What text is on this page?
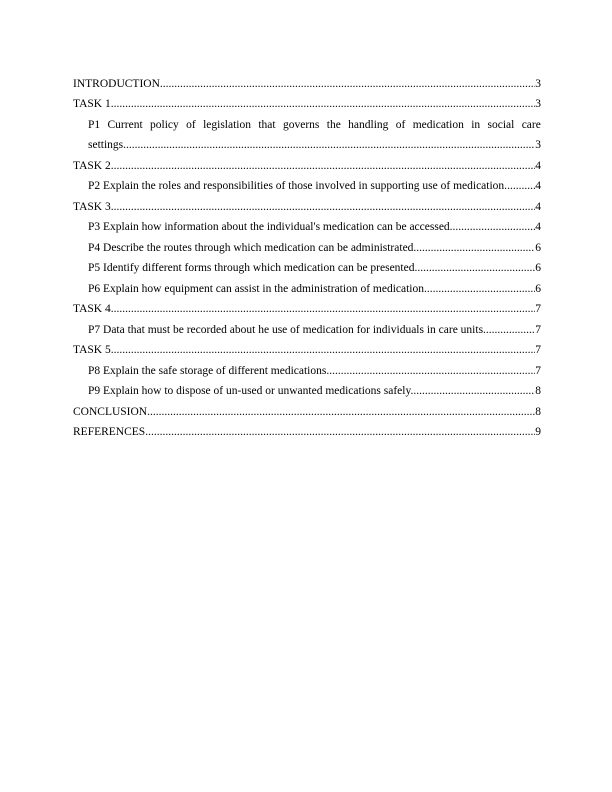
INTRODUCTION .....	3
TASK 1 .....	3
P1 Current policy of legislation that governs the handling of medication in social care
settings. .....	3
TASK 2 .....	4
P2 Explain the roles and responsibilities of those involved in supporting use of medication. ..... 4
TASK 3 .....	4
P3 Explain how information about the individual's medication can be accessed. .....	4
P4 Describe the routes through which medication can be administrated .....	6
P5 Identify different forms through which medication can be presented. .....	6
P6 Explain how equipment can assist in the administration of medication. .....	6
TASK 4 .....	7
P7 Data that must be recorded about he use of medication for individuals in care units. .....	7
TASK 5 .....	7
P8 Explain the safe storage of different medications. .....	7
P9 Explain how to dispose of un-used or unwanted medications safely. .....	8
CONCLUSION .....	8
REFERENCES .....	9
